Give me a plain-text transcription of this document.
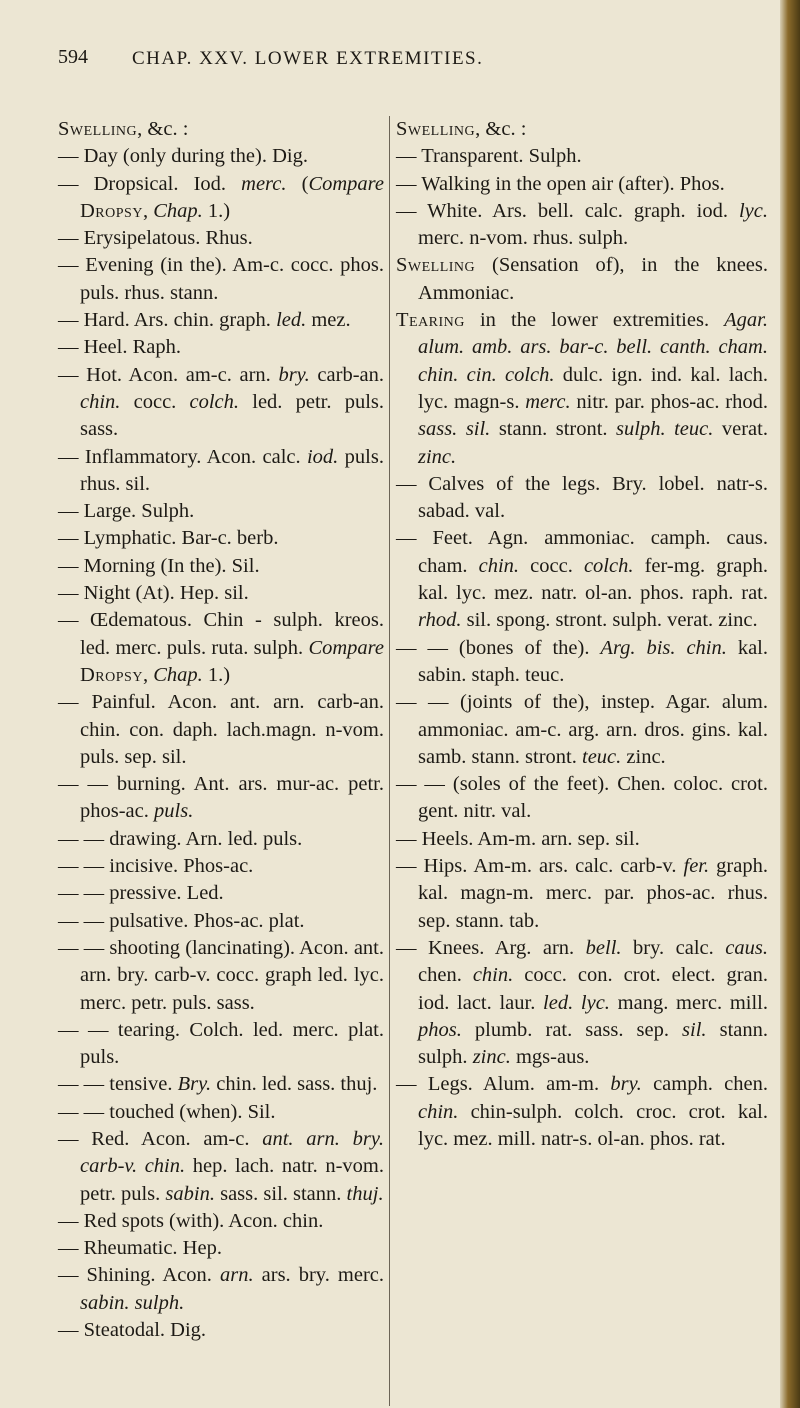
594 CHAP. XXV. LOWER EXTREMITIES.

Swelling, &c. :

— Day (only during the). Dig.

— Dropsical. Iod. merc. (Compare Dropsy, Chap. 1.)

— Erysipelatous. Rhus.

— Evening (in the). Am-c. cocc. phos. puls. rhus. stann.

— Hard. Ars. chin. graph. led. mez.

— Heel. Raph.

— Hot. Acon. am-c. arn. bry. carb-an. chin. cocc. colch. led. petr. puls. sass.

— Inflammatory. Acon. calc. iod. puls. rhus. sil.

— Large. Sulph.

— Lymphatic. Bar-c. berb.

— Morning (In the). Sil.

— Night (At). Hep. sil.

— Œdematous. Chin - sulph. kreos. led. merc. puls. ruta. sulph. Compare Dropsy, Chap. 1.)

— Painful. Acon. ant. arn. carb-an. chin. con. daph. lach.magn. n-vom. puls. sep. sil.

— — burning. Ant. ars. mur-ac. petr. phos-ac. puls.

— — drawing. Arn. led. puls.

— — incisive. Phos-ac.

— — pressive. Led.

— — pulsative. Phos-ac. plat.

— — shooting (lancinating). Acon. ant. arn. bry. carb-v. cocc. graph led. lyc. merc. petr. puls. sass.

— — tearing. Colch. led. merc. plat. puls.

— — tensive. Bry. chin. led. sass. thuj.

— — touched (when). Sil.

— Red. Acon. am-c. ant. arn. bry. carb-v. chin. hep. lach. natr. n-vom. petr. puls. sabin. sass. sil. stann. thuj.

— Red spots (with). Acon. chin.

— Rheumatic. Hep.

— Shining. Acon. arn. ars. bry. merc. sabin. sulph.

— Steatodal. Dig.

Swelling, &c. :

— Transparent. Sulph.

— Walking in the open air (after). Phos.

— White. Ars. bell. calc. graph. iod. lyc. merc. n-vom. rhus. sulph.

Swelling (Sensation of), in the knees. Ammoniac.

Tearing in the lower extremities. Agar. alum. amb. ars. bar-c. bell. canth. cham. chin. cin. colch. dulc. ign. ind. kal. lach. lyc. magn-s. merc. nitr. par. phos-ac. rhod. sass. sil. stann. stront. sulph. teuc. verat. zinc.

— Calves of the legs. Bry. lobel. natr-s. sabad. val.

— Feet. Agn. ammoniac. camph. caus. cham. chin. cocc. colch. fer-mg. graph. kal. lyc. mez. natr. ol-an. phos. raph. rat. rhod. sil. spong. stront. sulph. verat. zinc.

— — (bones of the). Arg. bis. chin. kal. sabin. staph. teuc.

— — (joints of the), instep. Agar. alum. ammoniac. am-c. arg. arn. dros. gins. kal. samb. stann. stront. teuc. zinc.

— — (soles of the feet). Chen. coloc. crot. gent. nitr. val.

— Heels. Am-m. arn. sep. sil.

— Hips. Am-m. ars. calc. carb-v. fer. graph. kal. magn-m. merc. par. phos-ac. rhus. sep. stann. tab.

— Knees. Arg. arn. bell. bry. calc. caus. chen. chin. cocc. con. crot. elect. gran. iod. lact. laur. led. lyc. mang. merc. mill. phos. plumb. rat. sass. sep. sil. stann. sulph. zinc. mgs-aus.

— Legs. Alum. am-m. bry. camph. chen. chin. chin-sulph. colch. croc. crot. kal. lyc. mez. mill. natr-s. ol-an. phos. rat.
